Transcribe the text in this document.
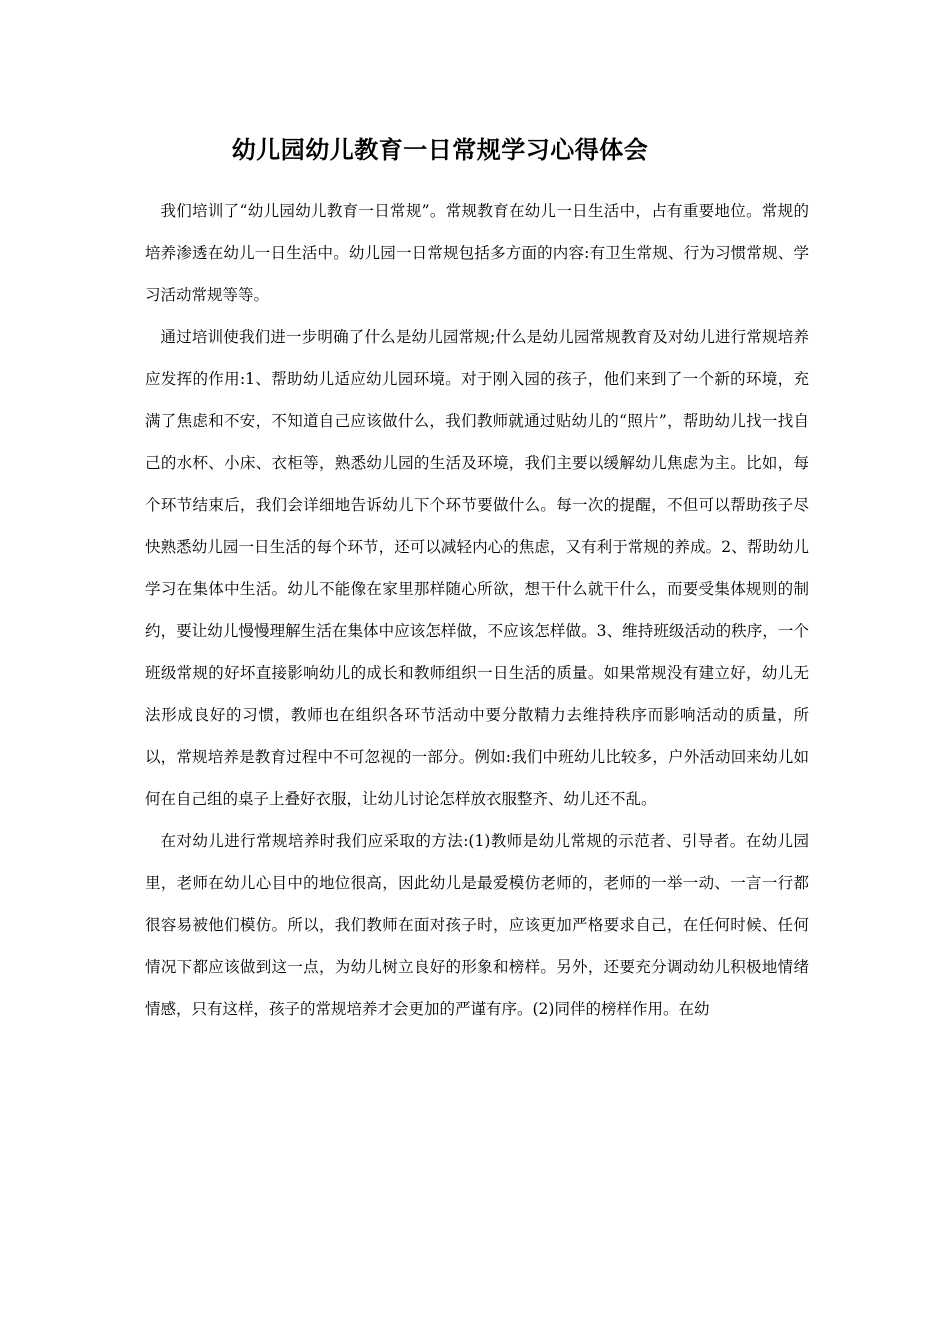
幼儿园幼儿教育一日常规学习心得体会

我们培训了“幼儿园幼儿教育一日常规”。常规教育在幼儿一日生活中，占有重要地位。常规的培养渗透在幼儿一日生活中。幼儿园一日常规包括多方面的内容:有卫生常规、行为习惯常规、学习活动常规等等。

通过培训使我们进一步明确了什么是幼儿园常规;什么是幼儿园常规教育及对幼儿进行常规培养应发挥的作用:1、帮助幼儿适应幼儿园环境。对于刚入园的孩子，他们来到了一个新的环境，充满了焦虑和不安，不知道自己应该做什么，我们教师就通过贴幼儿的“照片”，帮助幼儿找一找自己的水杯、小床、衣柜等，熟悉幼儿园的生活及环境，我们主要以缓解幼儿焦虑为主。比如，每个环节结束后，我们会详细地告诉幼儿下个环节要做什么。每一次的提醒，不但可以帮助孩子尽快熟悉幼儿园一日生活的每个环节，还可以减轻内心的焦虑，又有利于常规的养成。2、帮助幼儿学习在集体中生活。幼儿不能像在家里那样随心所欲，想干什么就干什么，而要受集体规则的制约，要让幼儿慢慢理解生活在集体中应该怎样做，不应该怎样做。3、维持班级活动的秩序，一个班级常规的好坏直接影响幼儿的成长和教师组织一日生活的质量。如果常规没有建立好，幼儿无法形成良好的习惯，教师也在组织各环节活动中要分散精力去维持秩序而影响活动的质量，所以，常规培养是教育过程中不可忽视的一部分。例如:我们中班幼儿比较多，户外活动回来幼儿如何在自己组的桌子上叠好衣服，让幼儿讨论怎样放衣服整齐、幼儿还不乱。

在对幼儿进行常规培养时我们应采取的方法:(1)教师是幼儿常规的示范者、引导者。在幼儿园里，老师在幼儿心目中的地位很高，因此幼儿是最爱模仿老师的，老师的一举一动、一言一行都很容易被他们模仿。所以，我们教师在面对孩子时，应该更加严格要求自己，在任何时候、任何情况下都应该做到这一点，为幼儿树立良好的形象和榜样。另外，还要充分调动幼儿积极地情绪情感，只有这样，孩子的常规培养才会更加的严谨有序。(2)同伴的榜样作用。在幼
